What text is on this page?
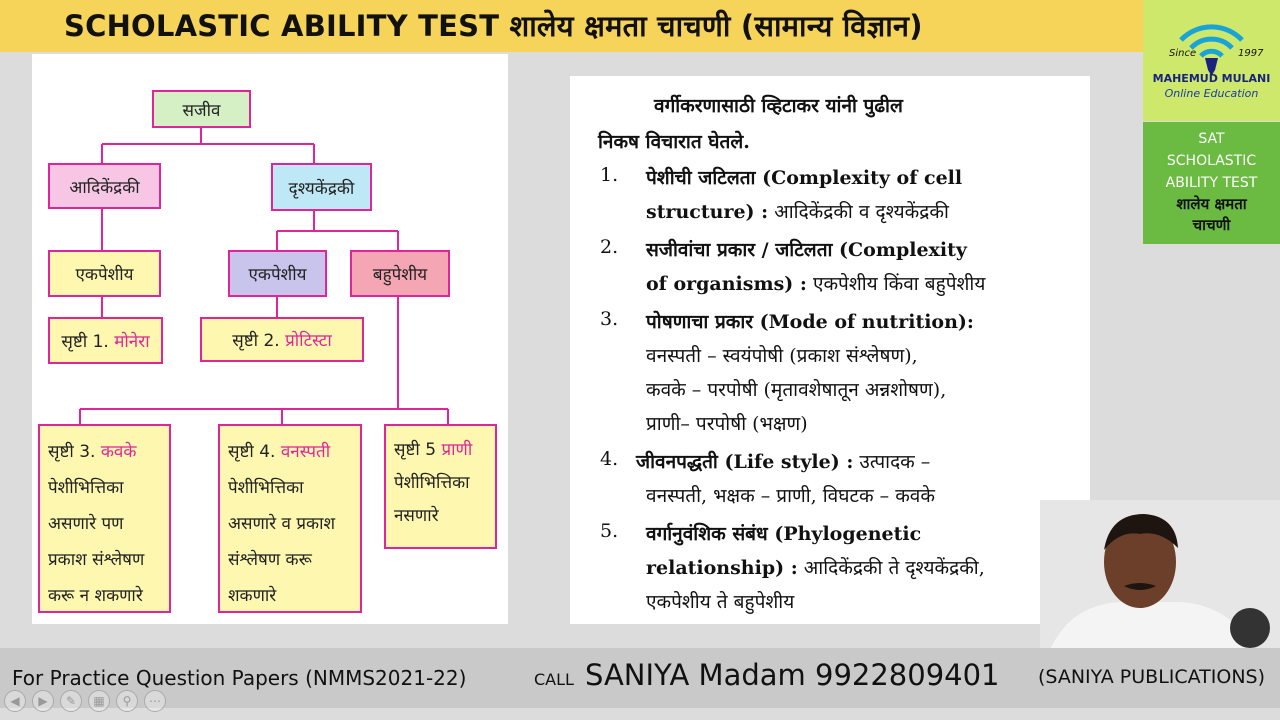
SCHOLASTIC ABILITY TEST शालेय क्षमता चाचणी (सामान्य विज्ञान)
Since	1997
MAHEMUD MULANI
Online Education
SAT
SCHOLASTIC
ABILITY TEST
शालेय क्षमता
चाचणी
सजीव
आदिकेंद्रकी	दृश्यकेंद्रकी
एकपेशीय	एकपेशीय	बहुपेशीय
सृष्टी 1.
मोनेरा	सृष्टी 2.
प्रोटिस्टा
सृष्टी 3. कवके
पेशीभित्तिका
असणारे पण
प्रकाश संश्लेषण
करू न शकणारे
सृष्टी 4. वनस्पती
पेशीभित्तिका
असणारे व प्रकाश
संश्लेषण करू
शकणारे
सृष्टी 5 प्राणी
पेशीभित्तिका
नसणारे
वर्गीकरणासाठी व्हिटाकर यांनी पुढील
निकष विचारात घेतले.
1. पेशीची जटिलता (Complexity of cell
structure) : आदिकेंद्रकी व दृश्यकेंद्रकी
2. सजीवांचा प्रकार / जटिलता (Complexity
of organisms) : एकपेशीय किंवा बहुपेशीय
3. पोषणाचा प्रकार (Mode of nutrition):
वनस्पती – स्वयंपोषी (प्रकाश संश्लेषण),
कवके – परपोषी (मृतावशेषातून अन्नशोषण),
प्राणी– परपोषी (भक्षण)
4. जीवनपद्धती (Life style) : उत्पादक –
वनस्पती, भक्षक – प्राणी, विघटक – कवके
5. वर्गानुवंशिक संबंध (Phylogenetic
relationship) : आदिकेंद्रकी ते दृश्यकेंद्रकी,
एकपेशीय ते बहुपेशीय
For Practice Question Papers (NMMS2021-22)	CALL SANIYA Madam 9922809401 (SANIYA PUBLICATIONS)
◀	▶	✎	▦	⚲	⋯
